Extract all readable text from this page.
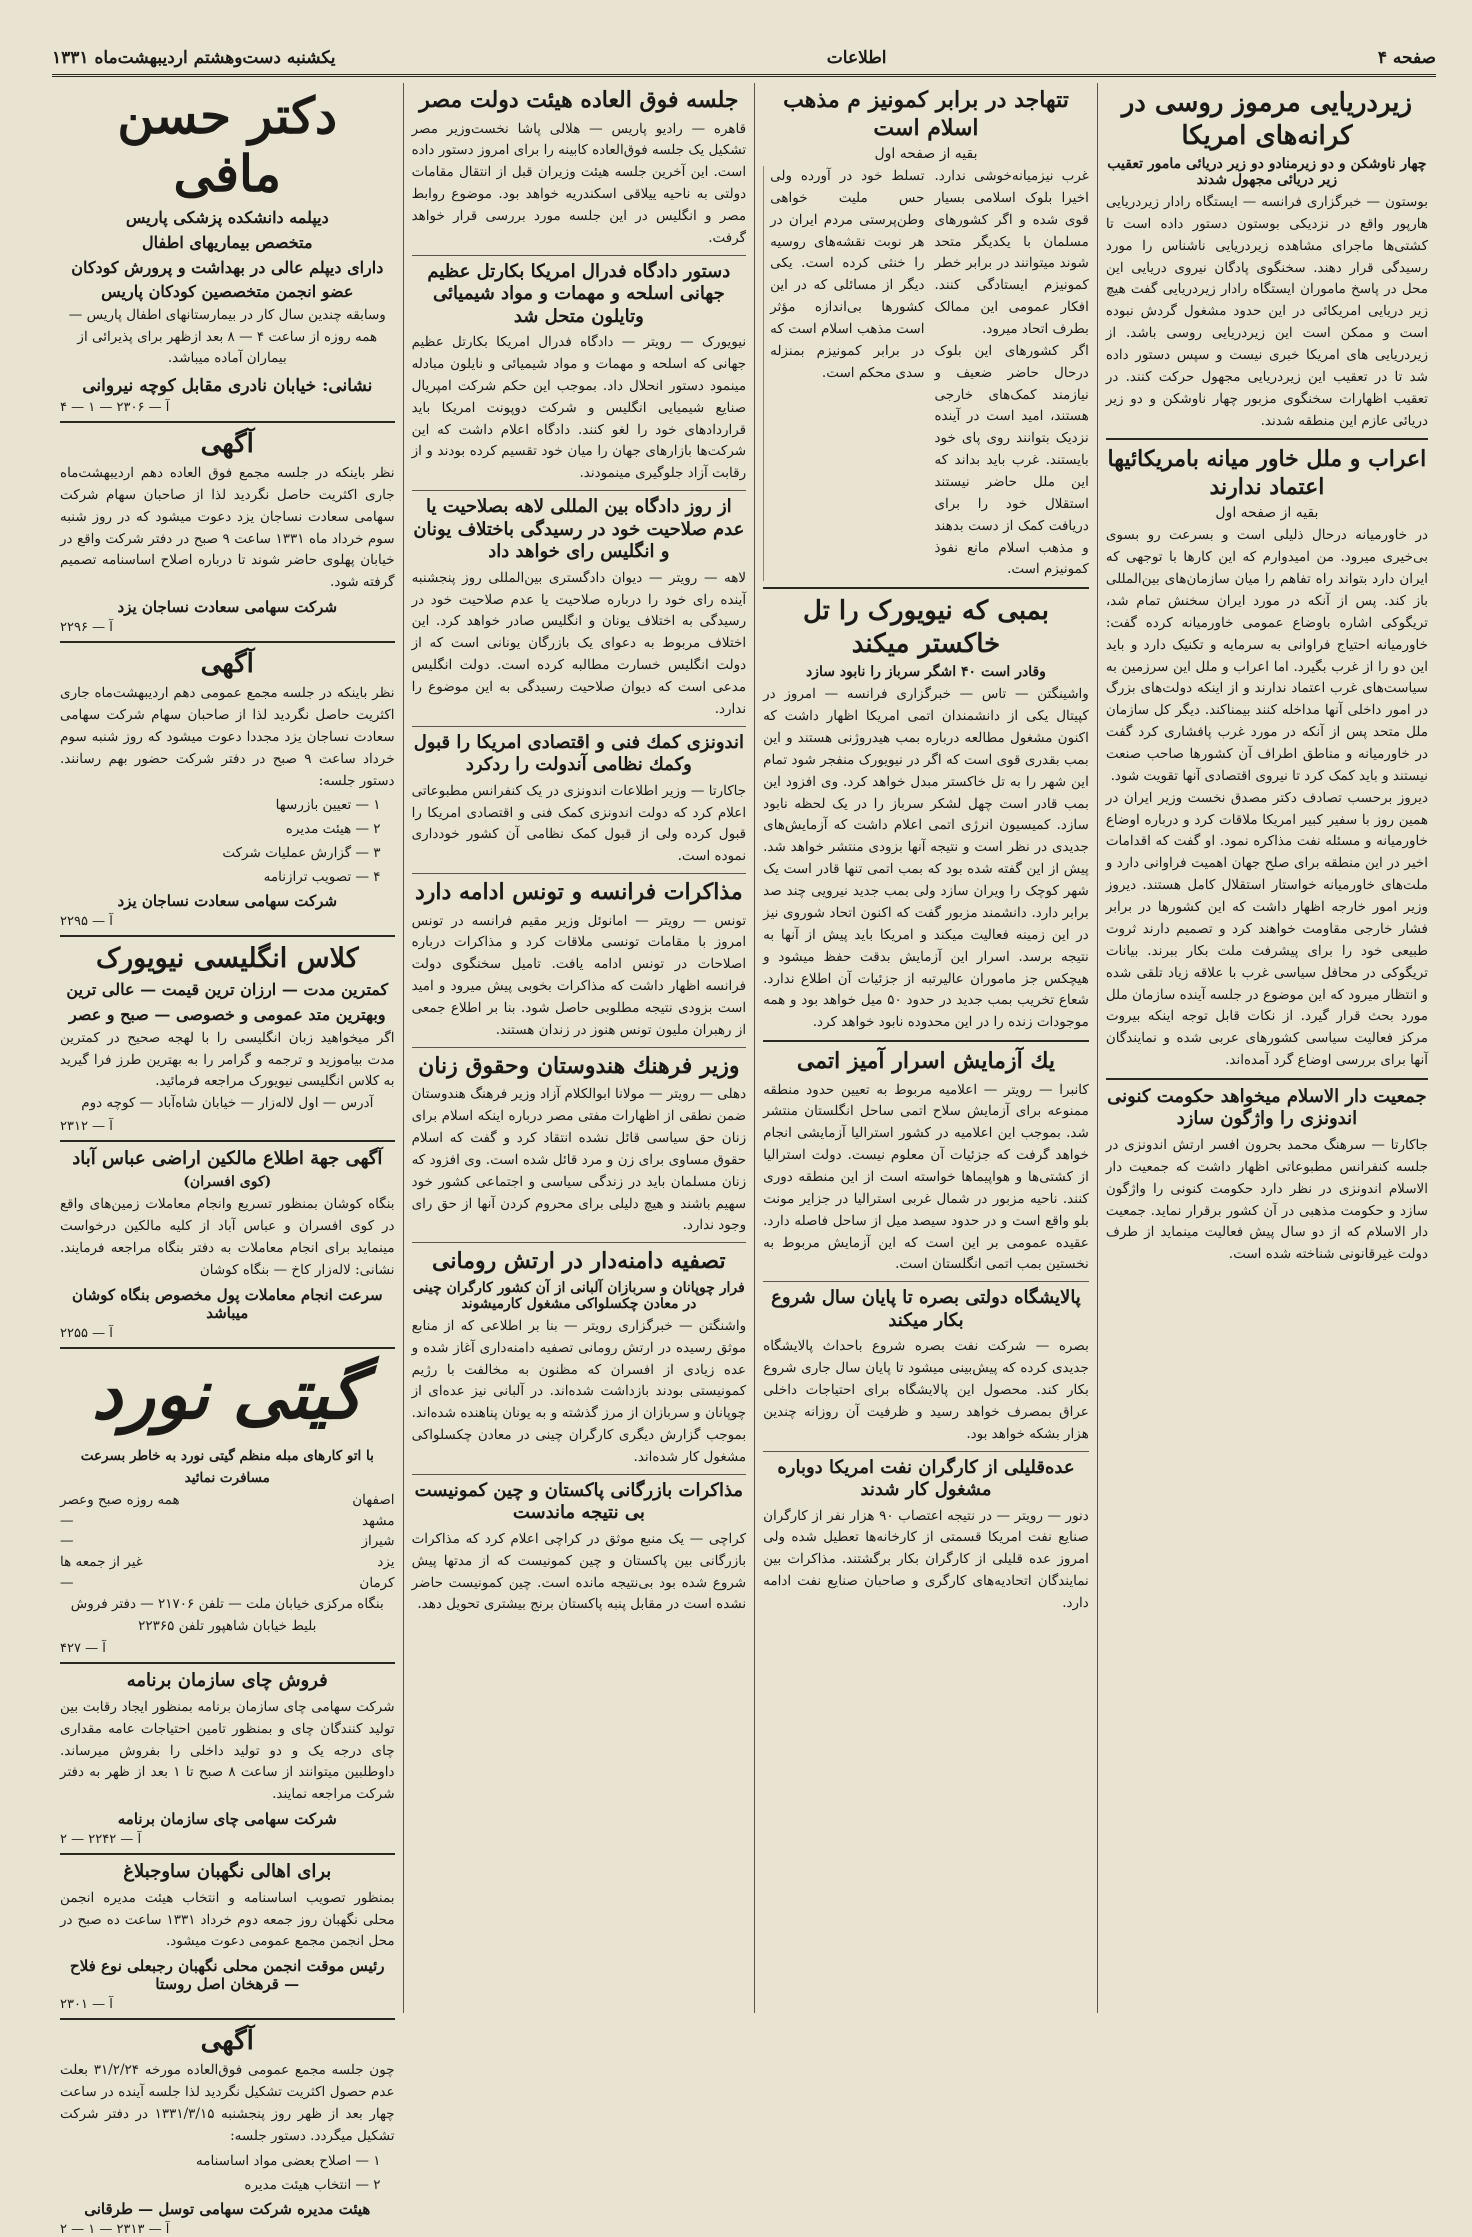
صفحه ۴
اطلاعات
یکشنبه دست‌وهشتم اردیبهشت‌ماه ۱۳۳۱
زیردریایی‌ مرموز روسی در کرانه‌های امریکا
چهار ناوشکن و دو زیرمنادو دو زیر دریائی مامور تعقیب زیر دریائی مجهول شدند

بوستون — خبرگزاری فرانسه — ایستگاه رادار زیردریایی هارپور واقع در نزدیکی بوستون دستور داده است تا کشتی‌ها ماجرای مشاهده زیردریایی ناشناس را مورد رسیدگی قرار دهند. سخنگوی پادگان نیروی دریایی این محل در پاسخ ماموران ایستگاه رادار زیردریایی گفت هیچ زیر دریایی امریکائی در این حدود مشغول گردش نبوده است و ممکن است این زیردریایی روسی باشد. از زیردریایی های امریکا خبری نیست و سپس دستور داده شد تا در تعقیب این زیردریایی مجهول حرکت کنند. در تعقیب اظهارات سخنگوی مزبور چهار ناوشکن و دو زیر دریائی عازم این منطقه شدند.

اعراب و ملل خاور میانه بامریکائیها اعتماد ندارند
بقیه از صفحه اول

در خاورمیانه درحال ذلیلی است و بسرعت رو بسوی بی‌خیری میرود. من امیدوارم که این کارها با توجهی که ایران دارد بتواند راه تفاهم را میان سازمان‌های بین‌المللی باز کند. پس از آنکه در مورد ایران سخنش تمام شد، تریگوکی اشاره باوضاع عمومی خاورمیانه کرده گفت: خاورمیانه احتیاج فراوانی به سرمایه و تکنیک دارد و باید این دو را از غرب بگیرد. اما اعراب و ملل این سرزمین به سیاست‌های غرب اعتماد ندارند و از اینکه دولت‌های بزرگ در امور داخلی آنها مداخله کنند بیمناکند. دیگر کل سازمان ملل متحد پس از آنکه در مورد غرب پافشاری کرد گفت در خاورمیانه و مناطق اطراف آن کشورها صاحب صنعت نیستند و باید کمک کرد تا نیروی اقتصادی آنها تقویت شود.

دیروز برحسب تصادف دکتر مصدق نخست وزیر ایران در همین روز با سفیر کبیر امریکا ملاقات کرد و درباره اوضاع خاورمیانه و مسئله نفت مذاکره نمود. او گفت که اقدامات اخیر در این منطقه برای صلح جهان اهمیت فراوانی دارد و ملت‌های خاورمیانه خواستار استقلال کامل هستند. دیروز وزیر امور خارجه اظهار داشت که این کشورها در برابر فشار خارجی مقاومت خواهند کرد و تصمیم دارند ثروت طبیعی خود را برای پیشرفت ملت بکار ببرند. بیانات تریگوکی در محافل سیاسی غرب با علاقه زیاد تلقی شده و انتظار میرود که این موضوع در جلسه آینده سازمان ملل مورد بحث قرار گیرد. از نکات قابل توجه اینکه بیروت مرکز فعالیت سیاسی کشورهای عربی شده و نمایندگان آنها برای بررسی اوضاع گرد آمده‌اند.

جمعیت دار الاسلام میخواهد حکومت کنونی اندونزی را واژگون سازد

جاکارتا — سرهنگ محمد بحرون افسر ارتش اندونزی در جلسه کنفرانس مطبوعاتی اظهار داشت که جمعیت دار الاسلام اندونزی در نظر دارد حکومت کنونی را واژگون سازد و حکومت مذهبی در آن کشور برقرار نماید. جمعیت دار الاسلام که از دو سال پیش فعالیت مینماید از طرف دولت غیرقانونی شناخته شده است.

تتهاجد در برابر کمونیز م مذهب اسلام است
بقیه از صفحه اول

غرب نیزمیانه‌خوشی ندارد. اخیرا بلوک اسلامی بسیار قوی شده و اگر کشورهای مسلمان با یکدیگر متحد شوند میتوانند در برابر خطر کمونیزم ایستادگی کنند. افکار عمومی این ممالک بطرف اتحاد میرود.

اگر کشورهای این بلوک درحال حاضر ضعیف و نیازمند کمک‌های خارجی هستند، امید است در آینده نزدیک بتوانند روی پای خود بایستند. غرب باید بداند که این ملل حاضر نیستند استقلال خود را برای دریافت کمک از دست بدهند و مذهب اسلام مانع نفوذ کمونیزم است.

تسلط خود در آورده ولی حس ملیت خواهی وطن‌پرستی مردم ایران در هر نوبت نقشه‌های روسیه را خنثی کرده است. یکی دیگر از مسائلی که در این کشورها بی‌اندازه مؤثر است مذهب اسلام است که در برابر کمونیزم بمنزله سدی محکم است.

بمبی که نیویورک را تل خاکستر میکند
وقادر است ۴۰ اشگر سرباز را نابود سازد

واشینگتن — تاس — خبرگزاری فرانسه — امروز در کپیتال یکی از دانشمندان اتمی امریکا اظهار داشت که اکنون مشغول مطالعه درباره بمب هیدروژنی هستند و این بمب بقدری قوی است که اگر در نیویورک منفجر شود تمام این شهر را به تل خاکستر مبدل خواهد کرد. وی افزود این بمب قادر است چهل لشکر سرباز را در یک لحظه نابود سازد. کمیسیون انرژی اتمی اعلام داشت که آزمایش‌های جدیدی در نظر است و نتیجه آنها بزودی منتشر خواهد شد. پیش از این گفته شده بود که بمب اتمی تنها قادر است یک شهر کوچک را ویران سازد ولی بمب جدید نیرویی چند صد برابر دارد. دانشمند مزبور گفت که اکنون اتحاد شوروی نیز در این زمینه فعالیت میکند و امریکا باید پیش از آنها به نتیجه برسد. اسرار این آزمایش بدقت حفظ میشود و هیچکس جز ماموران عالیرتبه از جزئیات آن اطلاع ندارد. شعاع تخریب بمب جدید در حدود ۵۰ میل خواهد بود و همه موجودات زنده را در این محدوده نابود خواهد کرد.

یك آزمایش اسرار آمیز اتمی

کانبرا — رویتر — اعلامیه مربوط به تعیین حدود منطقه ممنوعه برای آزمایش سلاح اتمی ساحل انگلستان منتشر شد. بموجب این اعلامیه در کشور استرالیا آزمایشی انجام خواهد گرفت که جزئیات آن معلوم نیست. دولت استرالیا از کشتی‌ها و هواپیماها خواسته است از این منطقه دوری کنند. ناحیه مزبور در شمال غربی استرالیا در جزایر مونت بلو واقع است و در حدود سیصد میل از ساحل فاصله دارد. عقیده عمومی بر این است که این آزمایش مربوط به نخستین بمب اتمی انگلستان است.

پالایشگاه دولتی بصره تا پایان سال شروع بکار میکند

بصره — شرکت نفت بصره شروع باحداث پالایشگاه جدیدی کرده که پیش‌بینی میشود تا پایان سال جاری شروع بکار کند. محصول این پالایشگاه برای احتیاجات داخلی عراق بمصرف خواهد رسید و ظرفیت آن روزانه چندین هزار بشکه خواهد بود.

عده‌قلیلی از کارگران نفت امریکا دوباره مشغول کار شدند

دنور — رویتر — در نتیجه اعتصاب ۹۰ هزار نفر از کارگران صنایع نفت امریکا قسمتی از کارخانه‌ها تعطیل شده ولی امروز عده قلیلی از کارگران بکار برگشتند. مذاکرات بین نمایندگان اتحادیه‌های کارگری و صاحبان صنایع نفت ادامه دارد.

جلسه فوق العاده هیئت دولت مصر

قاهره — رادیو پاریس — هلالی پاشا نخست‌وزیر مصر تشکیل یک جلسه فوق‌العاده کابینه را برای امروز دستور داده است. این آخرین جلسه هیئت وزیران قبل از انتقال مقامات دولتی به ناحیه ییلاقی اسکندریه خواهد بود. موضوع روابط مصر و انگلیس در این جلسه مورد بررسی قرار خواهد گرفت.

دستور دادگاه فدرال امریکا بکارتل عظیم جهانی اسلحه و مهمات و مواد شیمیائی وتایلون متحل شد

نیویورک — رویتر — دادگاه فدرال امریکا بکارتل عظیم جهانی که اسلحه و مهمات و مواد شیمیائی و نایلون مبادله مینمود دستور انحلال داد. بموجب این حکم شرکت امپریال صنایع شیمیایی انگلیس و شرکت دوپونت امریکا باید قرارداد‌های خود را لغو کنند. دادگاه اعلام داشت که این شرکت‌ها بازارهای جهان را میان خود تقسیم کرده بودند و از رقابت آزاد جلوگیری مینمودند.

از روز دادگاه بین المللی لاهه بصلاحیت یا عدم صلاحیت خود در رسیدگی باختلاف یونان و انگلیس رای خواهد داد

لاهه — رویتر — دیوان دادگستری بین‌المللی روز پنجشنبه آینده رای خود را درباره صلاحیت یا عدم صلاحیت خود در رسیدگی به اختلاف یونان و انگلیس صادر خواهد کرد. این اختلاف مربوط به دعوای یک بازرگان یونانی است که از دولت انگلیس خسارت مطالبه کرده است. دولت انگلیس مدعی است که دیوان صلاحیت رسیدگی به این موضوع را ندارد.

اندونزی کمك فنی و اقتصادی امریکا را قبول وکمك نظامی آندولت را ردکرد

جاکارتا — وزیر اطلاعات اندونزی در یک کنفرانس مطبوعاتی اعلام کرد که دولت اندونزی کمک فنی و اقتصادی امریکا را قبول کرده ولی از قبول کمک نظامی آن کشور خودداری نموده است.

مذاکرات فرانسه و تونس ادامه دارد

تونس — رویتر — امانوئل وزیر مقیم فرانسه در تونس امروز با مقامات تونسی ملاقات کرد و مذاکرات درباره اصلاحات در تونس ادامه یافت. تامیل سخنگوی دولت فرانسه اظهار داشت که مذاکرات بخوبی پیش میرود و امید است بزودی نتیجه مطلوبی حاصل شود. بنا بر اطلاع جمعی از رهبران ملیون تونس هنوز در زندان هستند.

وزیر فرهنك هندوستان وحقوق زنان

دهلی — رویتر — مولانا ابوالکلام آزاد وزیر فرهنگ هندوستان ضمن نطقی از اظهارات مفتی مصر درباره اینکه اسلام برای زنان حق سیاسی قائل نشده انتقاد کرد و گفت که اسلام حقوق مساوی برای زن و مرد قائل شده است. وی افزود که زنان مسلمان باید در زندگی سیاسی و اجتماعی کشور خود سهیم باشند و هیچ دلیلی برای محروم کردن آنها از حق رای وجود ندارد.

تصفیه دامنه‌دار در ارتش رومانی
فرار چوپانان و سربازان آلبانی از آن کشور کارگران چینی در معادن چکسلواکی مشغول کارمیشوند

واشنگتن — خبرگزاری رویتر — بنا بر اطلاعی که از منابع موثق رسیده در ارتش رومانی تصفیه دامنه‌داری آغاز شده و عده زیادی از افسران که مظنون به مخالفت با رژیم کمونیستی بودند بازداشت شده‌اند. در آلبانی نیز عده‌ای از چوپانان و سربازان از مرز گذشته و به یونان پناهنده شده‌اند. بموجب گزارش دیگری کارگران چینی در معادن چکسلواکی مشغول کار شده‌اند.

مذاکرات بازرگانی پاکستان و چین کمونیست بی نتیجه ماندست

کراچی — یک منبع موثق در کراچی اعلام کرد که مذاکرات بازرگانی بین پاکستان و چین کمونیست که از مدتها پیش شروع شده بود بی‌نتیجه مانده است. چین کمونیست حاضر نشده است در مقابل پنبه پاکستان برنج بیشتری تحویل دهد.

دکتر حسن مافی
دیپلمه دانشکده پزشکی پاریس
متخصص بیماریهای اطفال
دارای دیپلم عالی در بهداشت و پرورش کودکان
عضو انجمن متخصصین کودکان پاریس
وسابقه چندین سال کار در بیمارستانهای اطفال پاریس — همه روزه از ساعت ۴ — ۸ بعد ازظهر برای پذیرائی از بیماران آماده میباشد.
نشانی: خیابان نادری مقابل کوچه نیروانی
آ — ۲۳۰۶ — ۱ — ۴
آگهی

نظر باینکه در جلسه مجمع فوق العاده دهم اردیبهشت‌ماه جاری اکثریت حاصل نگردید لذا از صاحبان سهام شرکت سهامی سعادت نساجان یزد دعوت میشود که در روز شنبه سوم خرداد ماه ۱۳۳۱ ساعت ۹ صبح در دفتر شرکت واقع در خیابان پهلوی حاضر شوند تا درباره اصلاح اساسنامه تصمیم گرفته شود.

شرکت سهامی سعادت نساجان یزد
آ — ۲۲۹۶
آگهی

نظر باینکه در جلسه مجمع عمومی دهم اردیبهشت‌ماه جاری اکثریت حاصل نگردید لذا از صاحبان سهام شرکت سهامی سعادت نساجان یزد مجددا دعوت میشود که روز شنبه سوم خرداد ساعت ۹ صبح در دفتر شرکت حضور بهم رسانند. دستور جلسه:

۱ — تعیین بازرسها
۲ — هیئت مدیره
۳ — گزارش عملیات شرکت
۴ — تصویب ترازنامه
شرکت سهامی سعادت نساجان یزد
آ — ۲۲۹۵
کلاس انگلیسی نیویورک
کمترین مدت — ارزان ترین قیمت — عالی ترین
وبهترین متد عمومی و خصوصی — صبح و عصر

اگر میخواهید زبان انگلیسی را با لهجه صحیح در کمترین مدت بیاموزید و ترجمه و گرامر را به بهترین طرز فرا گیرید به کلاس انگلیسی نیویورک مراجعه فرمائید.

آدرس — اول لاله‌زار — خیابان شاه‌آباد — کوچه دوم
آ — ۲۳۱۲
آگهی جهة اطلاع مالکین اراضی عباس آباد
(کوی افسران)

بنگاه کوشان بمنظور تسریع وانجام معاملات زمین‌های واقع در کوی افسران و عباس آباد از کلیه مالکین درخواست مینماید برای انجام معاملات به دفتر بنگاه مراجعه فرمایند. نشانی: لاله‌زار کاخ — بنگاه کوشان

سرعت انجام معاملات پول مخصوص بنگاه کوشان میباشد
آ — ۲۲۵۵
گیتی نورد
با اتو کارهای مبله منظم گیتی نورد به خاطر بسرعت مسافرت نمائید
اصفهان
همه روزه صبح وعصر
مشهد
—
شیراز
—
یزد
غیر از جمعه ها
کرمان
—
بنگاه مرکزی خیابان ملت — تلفن ۲۱۷۰۶ — دفتر فروش بلیط خیابان شاهپور تلفن ۲۲۳۶۵
آ — ۴۲۷
فروش چای سازمان برنامه

شرکت سهامی چای سازمان برنامه بمنظور ایجاد رقابت بین تولید کنندگان چای و بمنظور تامین احتیاجات عامه مقداری چای درجه یک و دو تولید داخلی را بفروش میرساند. داوطلبین میتوانند از ساعت ۸ صبح تا ۱ بعد از ظهر به دفتر شرکت مراجعه نمایند.

شرکت سهامی چای سازمان برنامه
آ — ۲۲۴۲ — ۲
برای اهالی نگهبان ساوجبلاغ

بمنظور تصویب اساسنامه و انتخاب هیئت مدیره انجمن محلی نگهبان روز جمعه دوم خرداد ۱۳۳۱ ساعت ده صبح در محل انجمن مجمع عمومی دعوت میشود.

رئیس موقت انجمن محلی نگهبان رجبعلی نوع فلاح — قرهخان اصل روستا
آ — ۲۳۰۱
آگهی

چون جلسه مجمع عمومی فوق‌العاده مورخه ۳۱/۲/۲۴ بعلت عدم حصول اکثریت تشکیل نگردید لذا جلسه آینده در ساعت چهار بعد از ظهر روز پنجشنبه ۱۳۳۱/۳/۱۵ در دفتر شرکت تشکیل میگردد. دستور جلسه:

۱ — اصلاح بعضی مواد اساسنامه
۲ — انتخاب هیئت مدیره
هیئت مدیره شرکت سهامی توسل — طرقانی
آ — ۲۳۱۳ — ۱ — ۲
